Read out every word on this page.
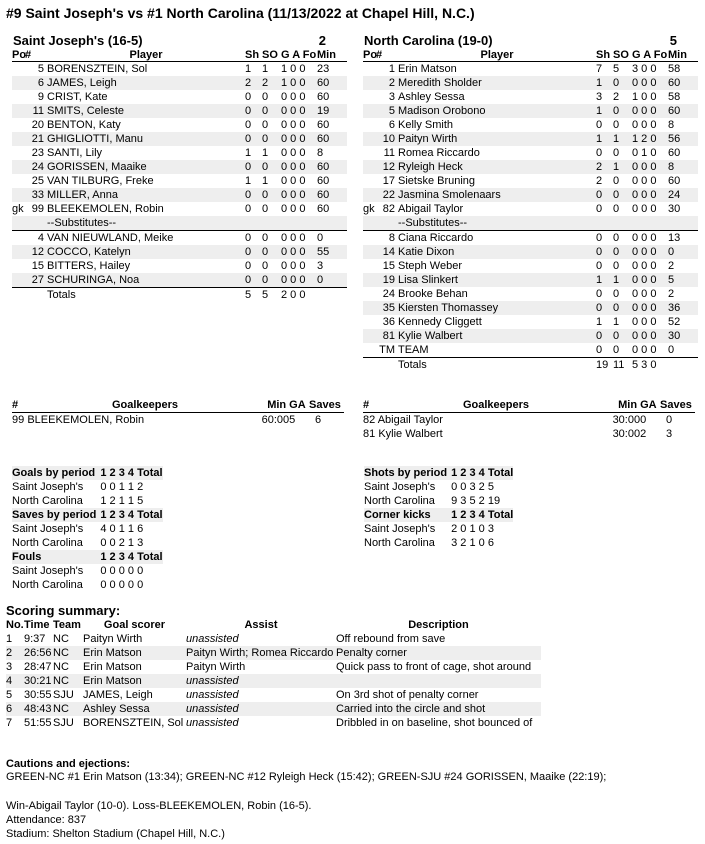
#9 Saint Joseph's vs #1 North Carolina (11/13/2022 at Chapel Hill, N.C.)
Saint Joseph's (16-5)	2
Po	#	Player	Sh	SO	G A Fo	Min
	5	BORENSZTEIN, Sol	1	1	1 0 0	23
	6	JAMES, Leigh	2	2	1 0 0	60
	9	CRIST, Kate	0	0	0 0 0	60
	11	SMITS, Celeste	0	0	0 0 0	19
	20	BENTON, Katy	0	0	0 0 0	60
	21	GHIGLIOTTI, Manu	0	0	0 0 0	60
	23	SANTI, Lily	1	1	0 0 0	8
	24	GORISSEN, Maaike	0	0	0 0 0	60
	25	VAN TILBURG, Freke	1	1	0 0 0	60
	33	MILLER, Anna	0	0	0 0 0	60
gk	99	BLEEKEMOLEN, Robin	0	0	0 0 0	60
		--Substitutes--				
	4	VAN NIEUWLAND, Meike	0	0	0 0 0	0
	12	COCCO, Katelyn	0	0	0 0 0	55
	15	BITTERS, Hailey	0	0	0 0 0	3
	27	SCHURINGA, Noa	0	0	0 0 0	0
		Totals	5	5	2 0 0	
North Carolina (19-0)	5
Po	#	Player	Sh	SO	G A Fo	Min
	1	Erin Matson	7	5	3 0 0	58
	2	Meredith Sholder	1	0	0 0 0	60
	3	Ashley Sessa	3	2	1 0 0	58
	5	Madison Orobono	1	0	0 0 0	60
	6	Kelly Smith	0	0	0 0 0	8
	10	Paityn Wirth	1	1	1 2 0	56
	11	Romea Riccardo	0	0	0 1 0	60
	12	Ryleigh Heck	2	1	0 0 0	8
	17	Sietske Bruning	2	0	0 0 0	60
	22	Jasmina Smolenaars	0	0	0 0 0	24
gk	82	Abigail Taylor	0	0	0 0 0	30
		--Substitutes--				
	8	Ciana Riccardo	0	0	0 0 0	13
	14	Katie Dixon	0	0	0 0 0	0
	15	Steph Weber	0	0	0 0 0	2
	19	Lisa Slinkert	1	1	0 0 0	5
	24	Brooke Behan	0	0	0 0 0	2
	35	Kiersten Thomassey	0	0	0 0 0	36
	36	Kennedy Cliggett	1	1	0 0 0	52
	81	Kylie Walbert	0	0	0 0 0	30
	TM	TEAM	0	0	0 0 0	0
		Totals	19	11	5 3 0	
#	Goalkeepers	Min	GA	Saves
99 BLEEKEMOLEN, Robin		60:00	5	6
#	Goalkeepers	Min	GA	Saves
82 Abigail Taylor		30:00	0	0
81 Kylie Walbert		30:00	2	3
Goals by period	1 2 3 4 Total
Saint Joseph's	0 0 1 1 2
North Carolina	1 2 1 1 5
Saves by period	1 2 3 4 Total
Saint Joseph's	4 0 1 1 6
North Carolina	0 0 2 1 3
Fouls	1 2 3 4 Total
Saint Joseph's	0 0 0 0 0
North Carolina	0 0 0 0 0
Shots by period	1 2 3 4 Total
Saint Joseph's	0 0 3 2 5
North Carolina	9 3 5 2 19
Corner kicks	1 2 3 4 Total
Saint Joseph's	2 0 1 0 3
North Carolina	3 2 1 0 6
Scoring summary:
No.	Time	Team	Goal scorer	Assist	Description
1	9:37	NC	Paityn Wirth	unassisted	Off rebound from save
2	26:56	NC	Erin Matson	Paityn Wirth; Romea Riccardo	Penalty corner
3	28:47	NC	Erin Matson	Paityn Wirth	Quick pass to front of cage, shot around
4	30:21	NC	Erin Matson	unassisted	
5	30:55	SJU	JAMES, Leigh	unassisted	On 3rd shot of penalty corner
6	48:43	NC	Ashley Sessa	unassisted	Carried into the circle and shot
7	51:55	SJU	BORENSZTEIN, Sol	unassisted	Dribbled in on baseline, shot bounced of
Cautions and ejections:
GREEN-NC #1 Erin Matson (13:34); GREEN-NC #12 Ryleigh Heck (15:42); GREEN-SJU #24 GORISSEN, Maaike (22:19);
Win-Abigail Taylor (10-0). Loss-BLEEKEMOLEN, Robin (16-5).
Attendance: 837
Stadium: Shelton Stadium (Chapel Hill, N.C.)
